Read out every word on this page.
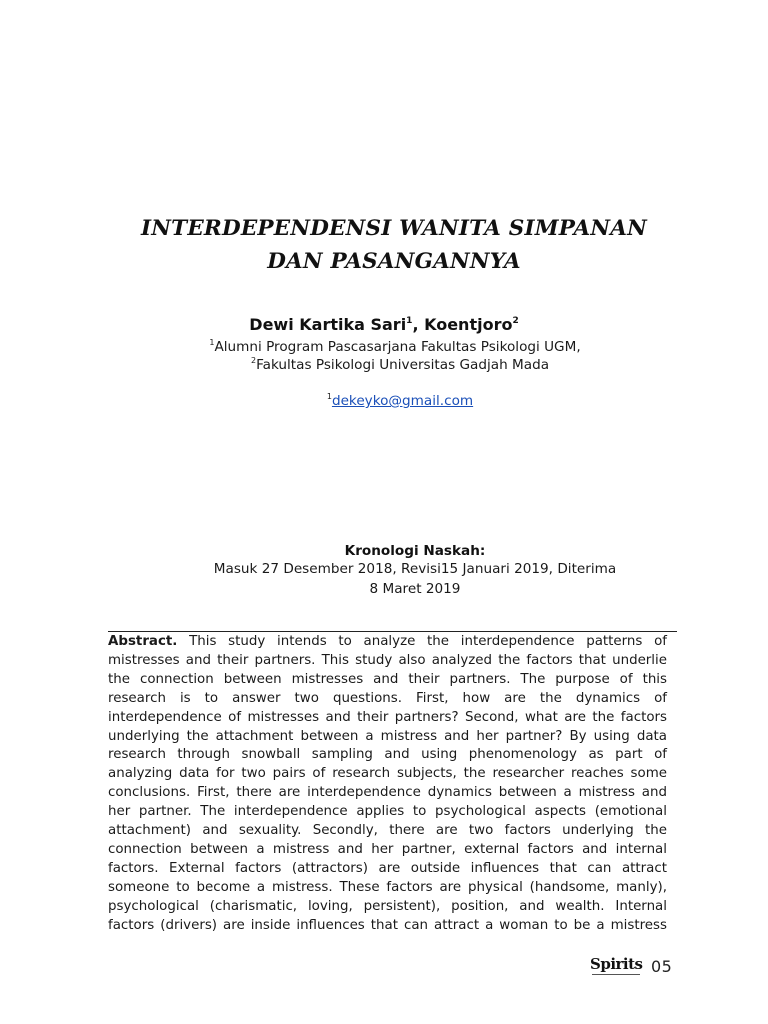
INTERDEPENDENSI WANITA SIMPANAN
DAN PASANGANNYA
Dewi Kartika Sari$^1$, Koentjoro$^2$
$^1$Alumni Program Pascasarjana Fakultas Psikologi UGM,
$^2$Fakultas Psikologi Universitas Gadjah Mada
$^1$dekeyko@gmail.com
Kronologi Naskah:
Masuk 27 Desember 2018, Revisi15 Januari 2019, Diterima
8 Maret 2019
Abstract. This study intends to analyze the interdependence patterns of
mistresses and their partners. This study also analyzed the factors that underlie
the connection between mistresses and their partners. The purpose of this
research is to answer two questions. First, how are the dynamics of
interdependence of mistresses and their partners? Second, what are the factors
underlying the attachment between a mistress and her partner? By using data
research through snowball sampling and using phenomenology as part of
analyzing data for two pairs of research subjects, the researcher reaches some
conclusions. First, there are interdependence dynamics between a mistress and
her partner. The interdependence applies to psychological aspects (emotional
attachment) and sexuality. Secondly, there are two factors underlying the
connection between a mistress and her partner, external factors and internal
factors. External factors (attractors) are outside influences that can attract
someone to become a mistress. These factors are physical (handsome, manly),
psychological (charismatic, loving, persistent), position, and wealth. Internal
factors (drivers) are inside influences that can attract a woman to be a mistress
Spirits 05
